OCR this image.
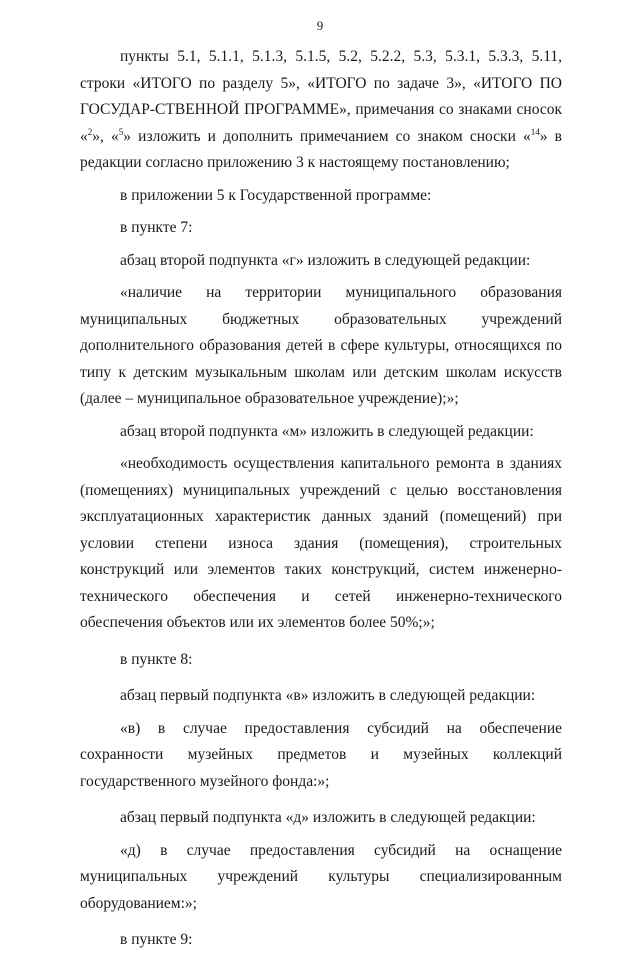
9

пункты 5.1, 5.1.1, 5.1.3, 5.1.5, 5.2, 5.2.2, 5.3, 5.3.1, 5.3.3, 5.11, строки «ИТОГО по разделу 5», «ИТОГО по задаче 3», «ИТОГО ПО ГОСУДАР-СТВЕННОЙ ПРОГРАММЕ», примечания со знаками сносок «$^2$», «$^5$» изложить и дополнить примечанием со знаком сноски «$^{14}$» в редакции согласно приложению 3 к настоящему постановлению;

в приложении 5 к Государственной программе:

в пункте 7:

абзац второй подпункта «г» изложить в следующей редакции:

«наличие на территории муниципального образования муниципальных бюджетных образовательных учреждений дополнительного образования детей в сфере культуры, относящихся по типу к детским музыкальным школам или детским школам искусств (далее – муниципальное образовательное учреждение);»;

абзац второй подпункта «м» изложить в следующей редакции:

«необходимость осуществления капитального ремонта в зданиях (помещениях) муниципальных учреждений с целью восстановления эксплуатационных характеристик данных зданий (помещений) при условии степени износа здания (помещения), строительных конструкций или элементов таких конструкций, систем инженерно-технического обеспечения и сетей инженерно-технического обеспечения объектов или их элементов более 50%;»;

в пункте 8:

абзац первый подпункта «в» изложить в следующей редакции:

«в) в случае предоставления субсидий на обеспечение сохранности музейных предметов и музейных коллекций государственного музейного фонда:»;

абзац первый подпункта «д» изложить в следующей редакции:

«д) в случае предоставления субсидий на оснащение муниципальных учреждений культуры специализированным оборудованием:»;

в пункте 9:
